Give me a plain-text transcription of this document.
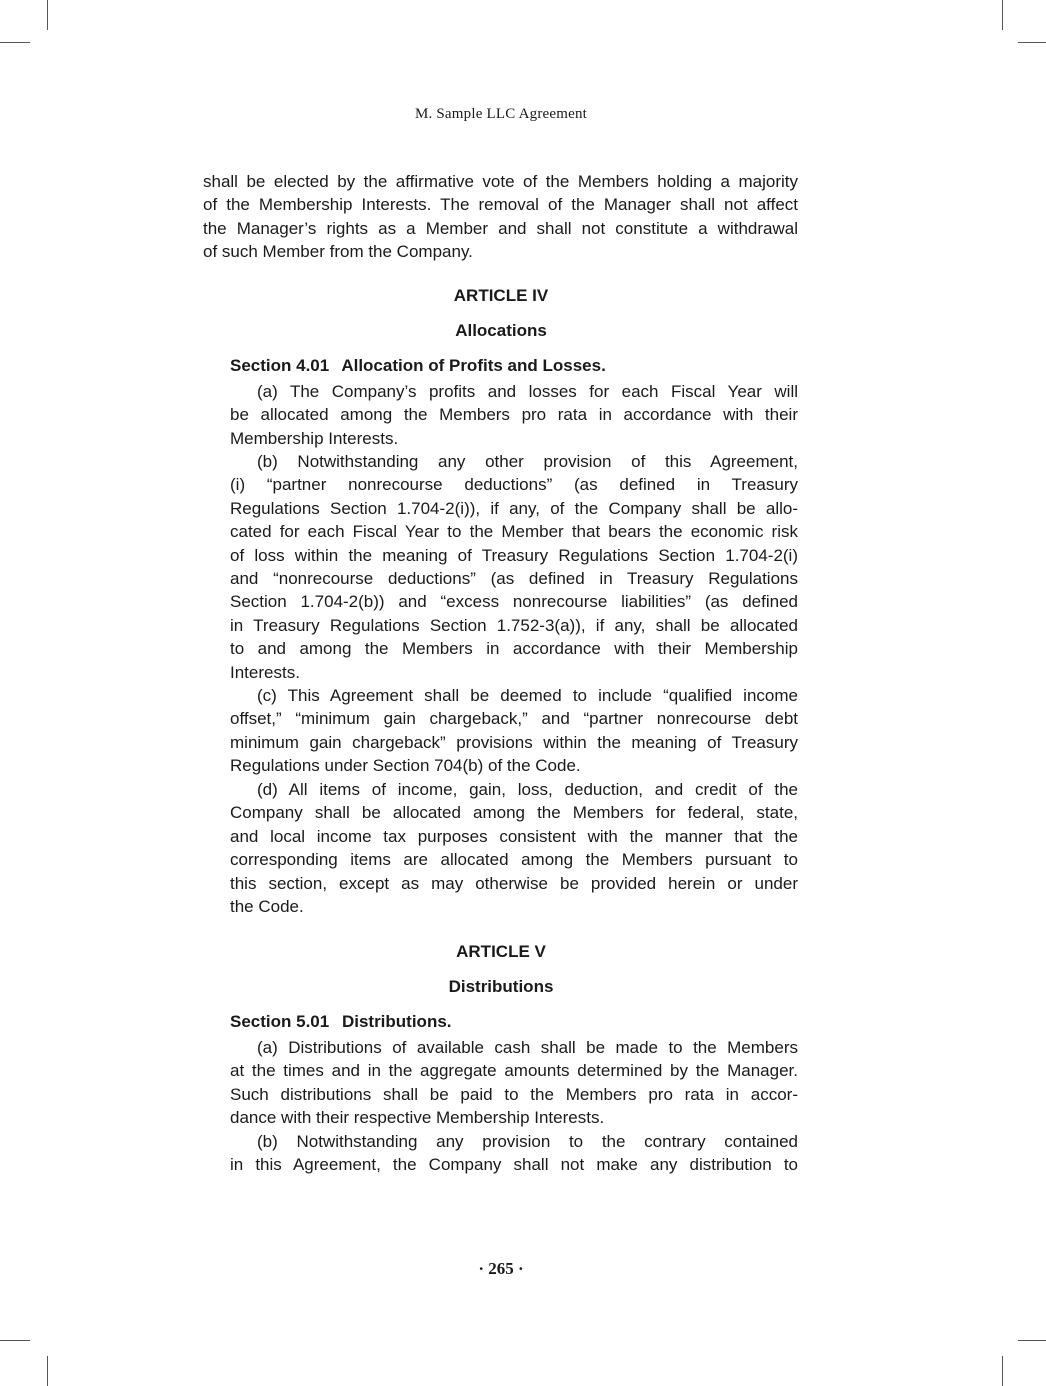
M. Sample LLC Agreement
shall be elected by the affirmative vote of the Members holding a majority
of the Membership Interests. The removal of the Manager shall not affect
the Manager’s rights as a Member and shall not constitute a withdrawal
of such Member from the Company.
ARTICLE IV
Allocations
Section 4.01 Allocation of Profits and Losses.
(a) The Company’s profits and losses for each Fiscal Year will
be allocated among the Members pro rata in accordance with their
Membership Interests.
(b) Notwithstanding any other provision of this Agreement,
(i) “partner nonrecourse deductions” (as defined in Treasury
Regulations Section 1.704-2(i)), if any, of the Company shall be allo-
cated for each Fiscal Year to the Member that bears the economic risk
of loss within the meaning of Treasury Regulations Section 1.704-2(i)
and “nonrecourse deductions” (as defined in Treasury Regulations
Section 1.704-2(b)) and “excess nonrecourse liabilities” (as defined
in Treasury Regulations Section 1.752-3(a)), if any, shall be allocated
to and among the Members in accordance with their Membership
Interests.
(c) This Agreement shall be deemed to include “qualified income
offset,” “minimum gain chargeback,” and “partner nonrecourse debt
minimum gain chargeback” provisions within the meaning of Treasury
Regulations under Section 704(b) of the Code.
(d) All items of income, gain, loss, deduction, and credit of the
Company shall be allocated among the Members for federal, state,
and local income tax purposes consistent with the manner that the
corresponding items are allocated among the Members pursuant to
this section, except as may otherwise be provided herein or under
the Code.
ARTICLE V
Distributions
Section 5.01 Distributions.
(a) Distributions of available cash shall be made to the Members
at the times and in the aggregate amounts determined by the Manager.
Such distributions shall be paid to the Members pro rata in accor-
dance with their respective Membership Interests.
(b) Notwithstanding any provision to the contrary contained
in this Agreement, the Company shall not make any distribution to
· 265 ·
